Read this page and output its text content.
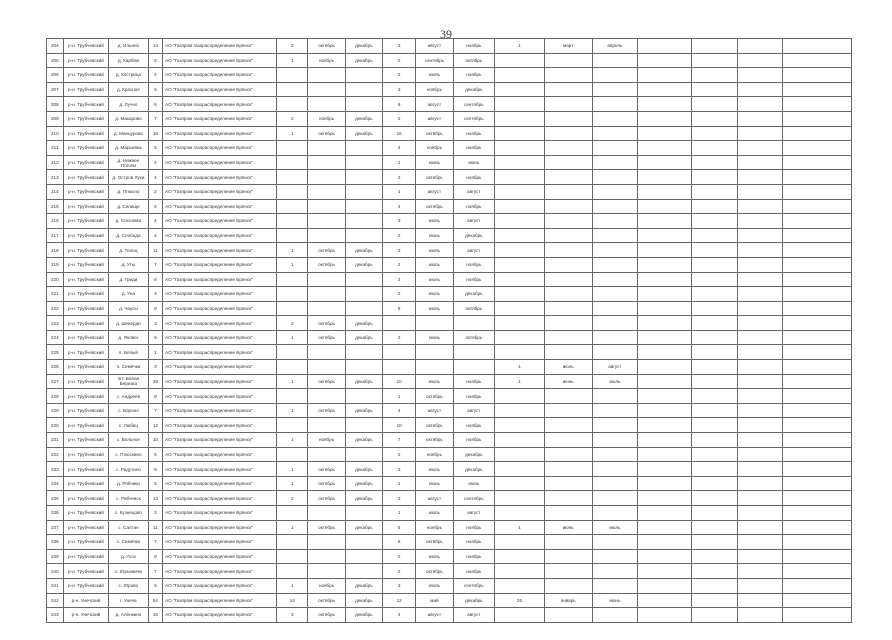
39
204	р-н. Трубчевский	д. Ильино	14	АО "Газпром газораспределение Брянск"	2	октябрь	декабрь	3	август	ноябрь	1	март	апрель				
205	р-н. Трубчевский	д. Карбяж	5	АО "Газпром газораспределение Брянск"	1	ноябрь	декабрь	2	сентябрь	октябрь							
206	р-н. Трубчевский	д. Кострица	4	АО "Газпром газораспределение Брянск"				2	июль	ноябрь							
207	р-н. Трубчевский	д. Красное	5	АО "Газпром газораспределение Брянск"				3	ноябрь	декабрь							
208	р-н. Трубчевский	д. Лучно	6	АО "Газпром газораспределение Брянск"				6	август	сентябрь							
209	р-н. Трубчевский	д. Макарово	7	АО "Газпром газораспределение Брянск"	2	ноябрь	декабрь	2	август	сентябрь							
210	р-н. Трубчевский	д. Манцурово	18	АО "Газпром газораспределение Брянск"	1	октябрь	декабрь	16	октябрь	ноябрь							
211	р-н. Трубчевский	д. Марьевка	5	АО "Газпром газораспределение Брянск"				4	ноябрь	ноябрь							
212	р-н. Трубчевский	д. Нижнее Поголи	4	АО "Газпром газораспределение Брянск"				1	июнь	июнь							
213	р-н. Трубчевский	д. Остров Лука	4	АО "Газпром газораспределение Брянск"				2	октябрь	ноябрь							
214	р-н. Трубчевский	д. Плюсно	2	АО "Газпром газораспределение Брянск"				1	август	август							
215	р-н. Трубчевский	д. Селище	6	АО "Газпром газораспределение Брянск"				4	октябрь	ноябрь							
216	р-н. Трубчевский	д. Сосновка	4	АО "Газпром газораспределение Брянск"				3	июль	август							
217	р-н. Трубчевский	д. Слобода	4	АО "Газпром газораспределение Брянск"				2	июнь	декабрь							
218	р-н. Трубчевский	д. Телец	11	АО "Газпром газораспределение Брянск"	1	октябрь	декабрь	3	июль	август							
219	р-н. Трубчевский	д. Уты	7	АО "Газпром газораспределение Брянск"	1	октябрь	декабрь	2	июль	ноябрь							
220	р-н. Трубчевский	д. Гриди	8	АО "Газпром газораспределение Брянск"				2	июль	ноябрь							
221	р-н. Трубчевский	д. Уна	4	АО "Газпром газораспределение Брянск"				2	июль	декабрь							
222	р-н. Трубчевский	д. Чаусы	8	АО "Газпром газораспределение Брянск"				6	июль	октябрь							
223	р-н. Трубчевский	д. Шеверди	3	АО "Газпром газораспределение Брянск"	2	октябрь	декабрь										
224	р-н. Трубчевский	д. Яковск	6	АО "Газпром газораспределение Брянск"	1	октябрь	декабрь	2	июнь	октябрь							
225	р-н. Трубчевский	п. Белый	1	АО "Газпром газораспределение Брянск"													
226	р-н. Трубчевский	п. Семячки	3	АО "Газпром газораспределение Брянск"							1	июль	август				
227	р-н. Трубчевский	пгт. Белая Березка	39	АО "Газпром газораспределение Брянск"	1	октябрь	декабрь	10	июль	ноябрь	1	июнь	июль				
228	р-н. Трубчевский	с. Андреев	9	АО "Газпром газораспределение Брянск"				1	октябрь	ноябрь							
229	р-н. Трубчевский	с. Бороно	7	АО "Газпром газораспределение Брянск"	1	октябрь	декабрь	4	август	август							
230	р-н. Трубчевский	с. Любец	12	АО "Газпром газораспределение Брянск"				10	октябрь	ноябрь							
231	р-н. Трубчевский	с. Вольное	10	АО "Газпром газораспределение Брянск"	1	ноябрь	декабрь	7	октябрь	ноябрь							
232	р-н. Трубчевский	с. Плюскино	5	АО "Газпром газораспределение Брянск"				2	ноябрь	декабрь							
233	р-н. Трубчевский	с. Радутино	9	АО "Газпром газораспределение Брянск"	1	октябрь	декабрь	3	июль	декабрь							
234	р-н. Трубчевский	д. Рябчики	5	АО "Газпром газораспределение Брянск"	1	октябрь	декабрь	1	июнь	июнь							
235	р-н. Трубчевский	с. Рябчевск	13	АО "Газпром газораспределение Брянск"	2	октябрь	декабрь	3	август	сентябрь							
236	р-н. Трубчевский	с. Кузнецово	3	АО "Газпром газораспределение Брянск"				1	июль	август							
237	р-н. Трубчевский	с. Салтан	11	АО "Газпром газораспределение Брянск"	1	октябрь	декабрь	5	ноябрь	ноябрь	1	июнь	июль				
238	р-н. Трубчевский	с. Семячки	7	АО "Газпром газораспределение Брянск"				5	октябрь	ноябрь							
239	р-н. Трубчевский	д. Усох	8	АО "Газпром газораспределение Брянск"				2	июль	ноябрь							
240	р-н. Трубчевский	с. Юрьевичи	7	АО "Газпром газораспределение Брянск"				2	октябрь	ноябрь							
241	р-н. Трубчевский	с. Юрово	5	АО "Газпром газораспределение Брянск"	1	ноябрь	декабрь	3	июль	сентябрь							
242	р-н. Унечский	г. Унеча	54	АО "Газпром газораспределение Брянск"	14	октябрь	декабрь	12	май	декабрь	26	январь	июнь				
243	р-н. Унечский	д. Аленкино	15	АО "Газпром газораспределение Брянск"	3	октябрь	декабрь	4	август	август							
